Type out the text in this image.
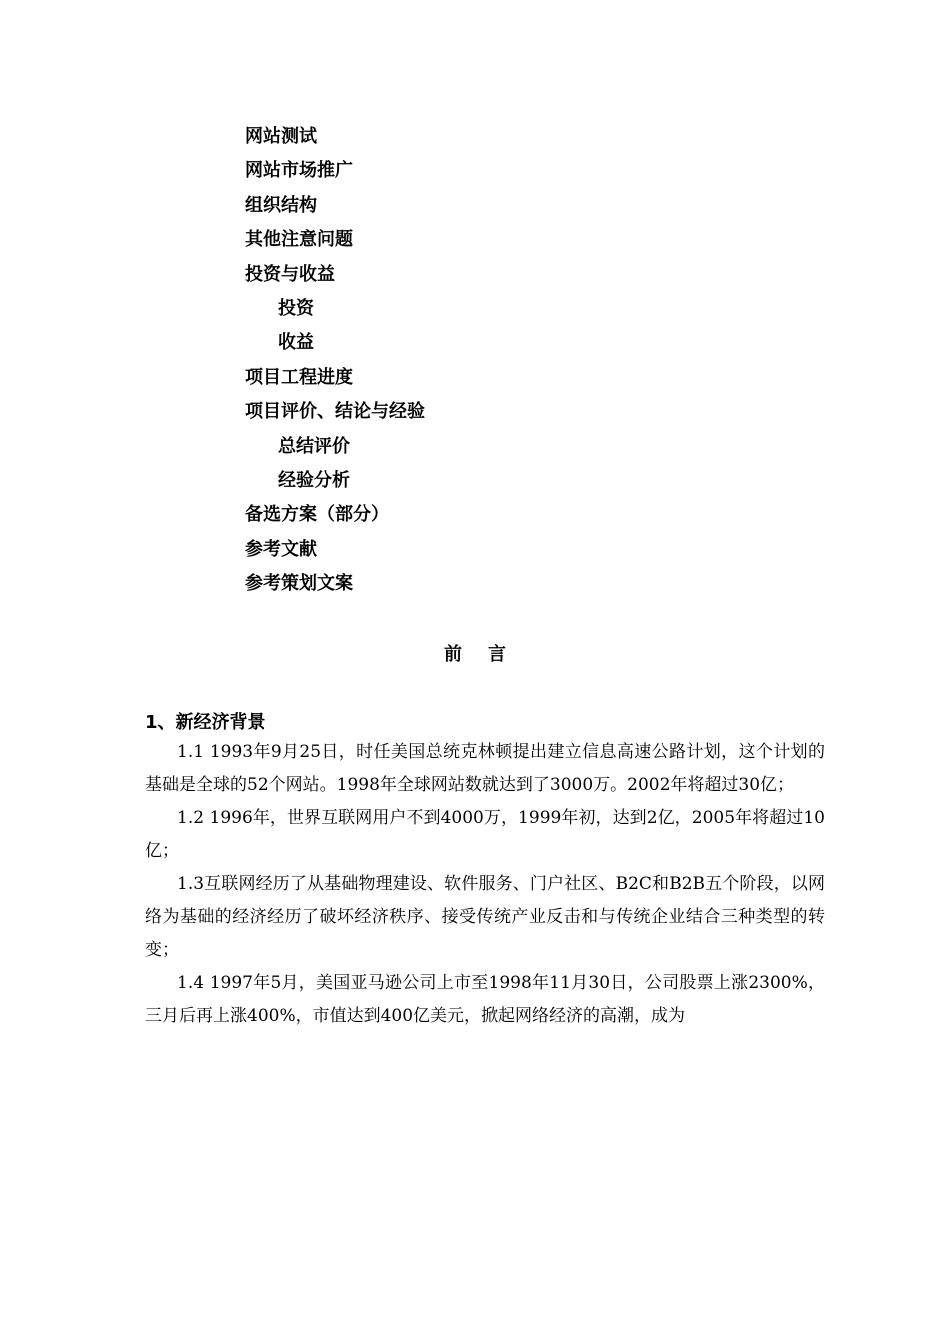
网站测试
网站市场推广
组织结构
其他注意问题
投资与收益
投资
收益
项目工程进度
项目评价、结论与经验
总结评价
经验分析
备选方案（部分）
参考文献
参考策划文案
前言
1、新经济背景

1.1 1993年9月25日，时任美国总统克林顿提出建立信息高速公路计划，这个计划的基础是全球的52个网站。1998年全球网站数就达到了3000万。2002年将超过30亿；

1.2 1996年，世界互联网用户不到4000万，1999年初，达到2亿，2005年将超过10亿；

1.3互联网经历了从基础物理建设、软件服务、门户社区、B2C和B2B五个阶段，以网络为基础的经济经历了破坏经济秩序、接受传统产业反击和与传统企业结合三种类型的转变；

1.4 1997年5月，美国亚马逊公司上市至1998年11月30日，公司股票上涨2300%，三月后再上涨400%，市值达到400亿美元，掀起网络经济的高潮，成为
